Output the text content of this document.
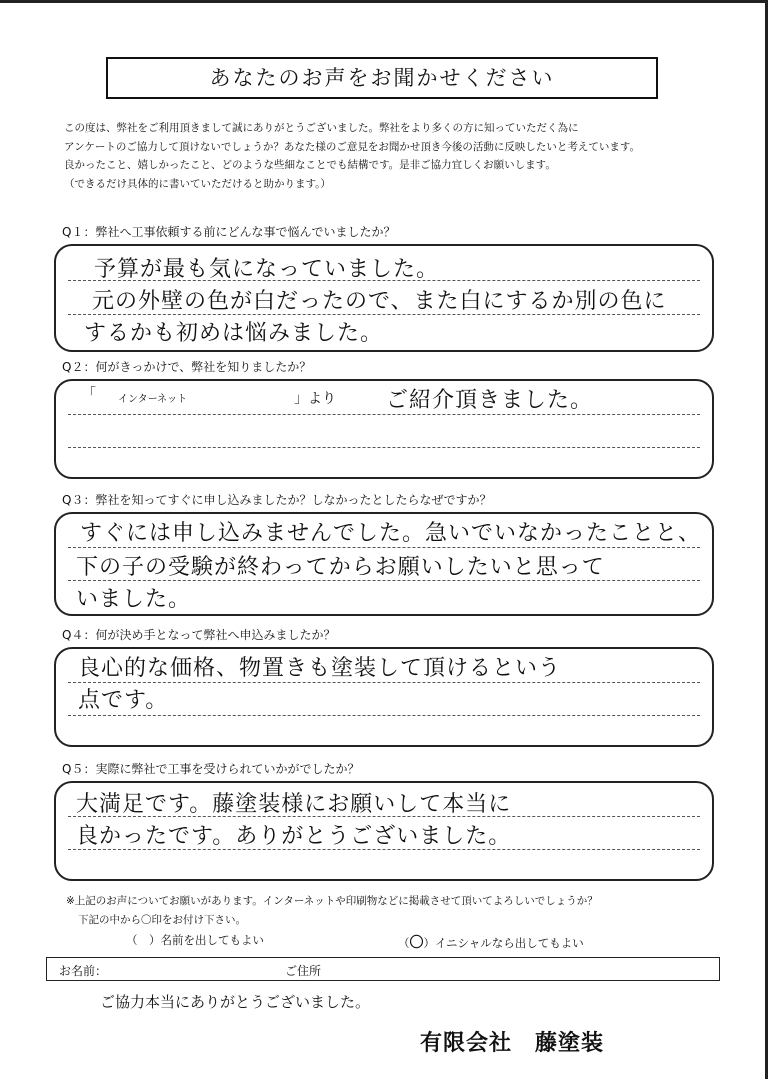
あなたのお声をお聞かせください
この度は、弊社をご利用頂きまして誠にありがとうございました。弊社をより多くの方に知っていただく為に
アンケートのご協力して頂けないでしょうか？あなた様のご意見をお聞かせ頂き今後の活動に反映したいと考えています。
良かったこと、嬉しかったこと、どのような些細なことでも結構です。是非ご協力宜しくお願いします。
（できるだけ具体的に書いていただけると助かります。）
Q１：弊社へ工事依頼する前にどんな事で悩んでいましたか？
予算が最も気になっていました。
元の外壁の色が白だったので、また白にするか別の色に
するかも初めは悩みました。
Q２：何がきっかけで、弊社を知りましたか？
「 インターネット	」より ご紹介頂きました。
Q３：弊社を知ってすぐに申し込みましたか？しなかったとしたらなぜですか？
すぐには申し込みませんでした。急いでいなかったことと、
下の子の受験が終わってからお願いしたいと思って
いました。
Q４：何が決め手となって弊社へ申込みましたか？
良心的な価格、物置きも塗装して頂けるという
点です。
Q５：実際に弊社で工事を受けられていかがでしたか？
大満足です。藤塗装様にお願いして本当に
良かったです。ありがとうございました。
※上記のお声についてお願いがあります。インターネットや印刷物などに掲載させて頂いてよろしいでしょうか？
下記の中から〇印をお付け下さい。
（　）名前を出してもよい	（〇）イニシャルなら出してもよい
お名前：	ご住所
ご協力本当にありがとうございました。
有限会社　藤塗装
